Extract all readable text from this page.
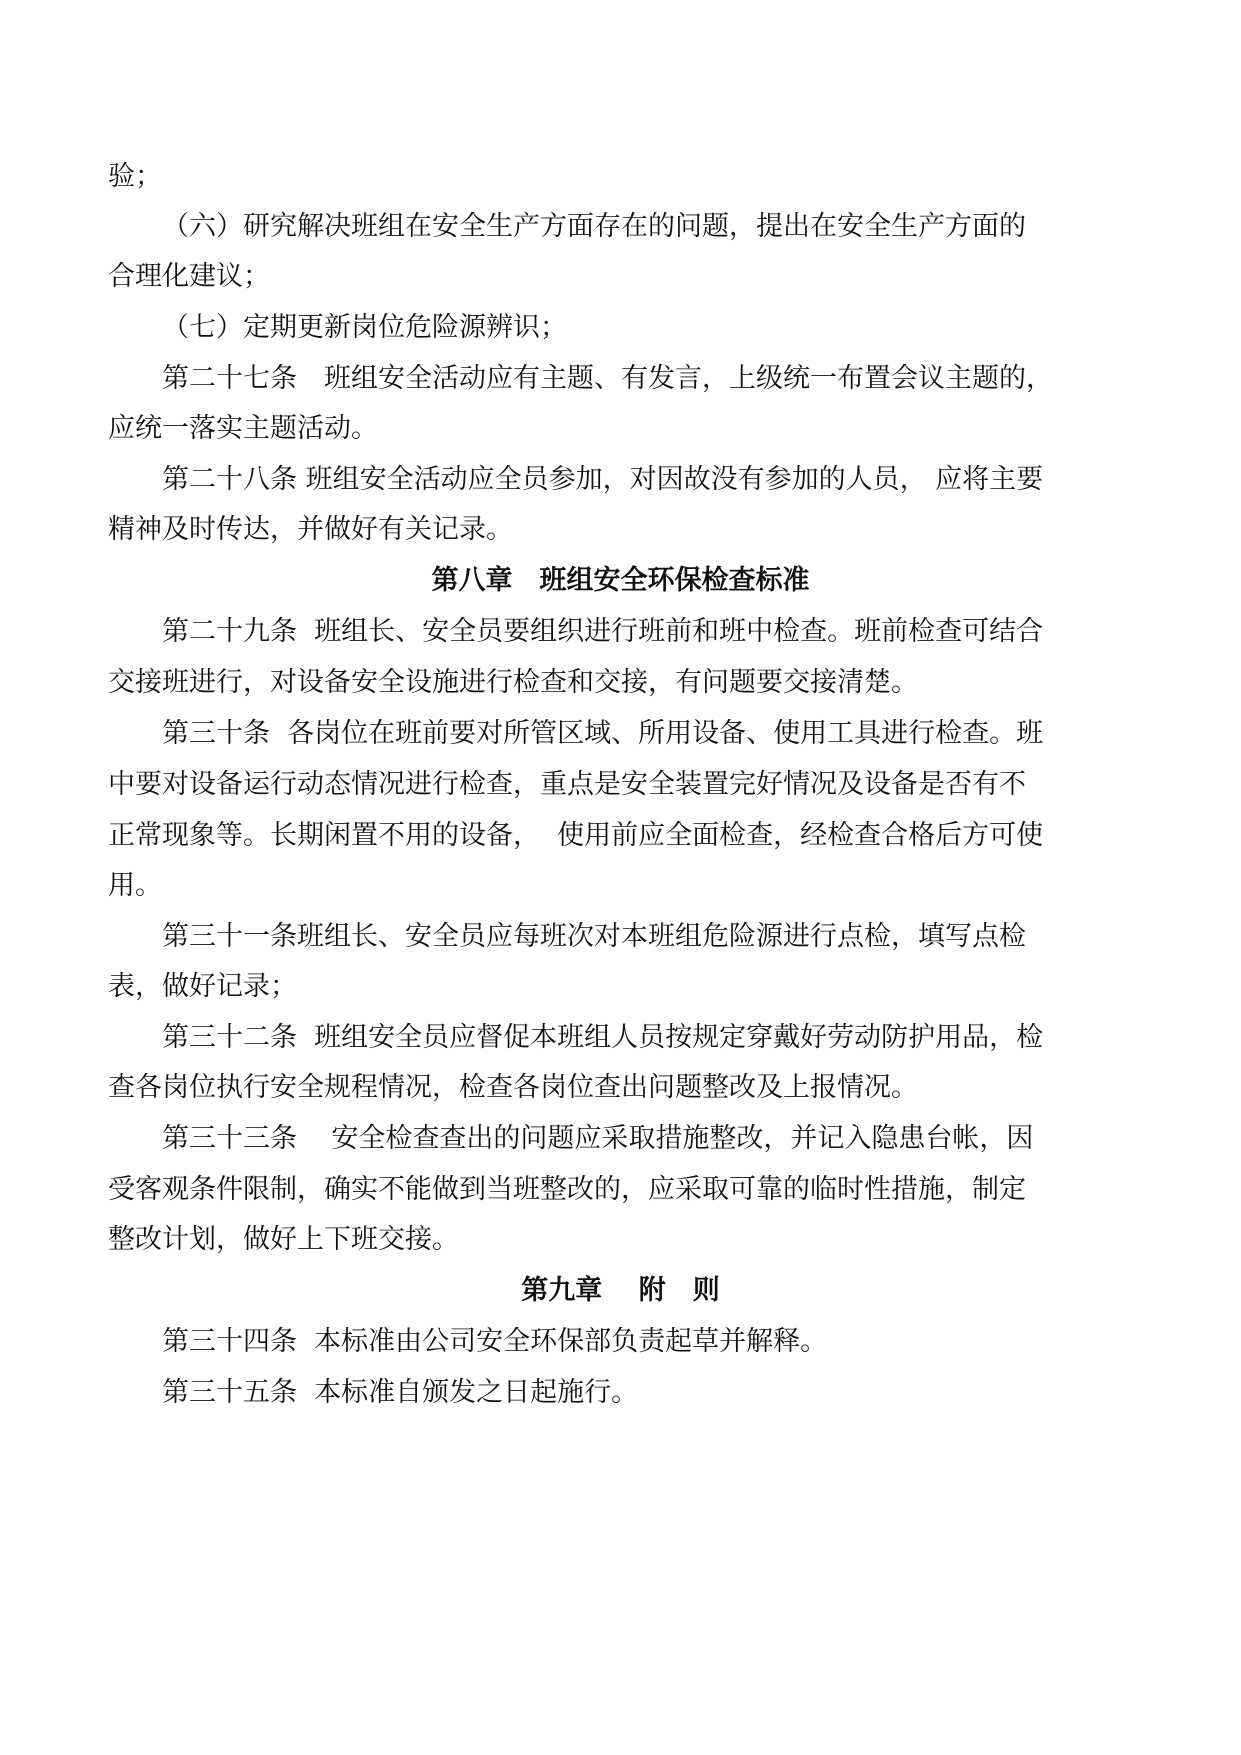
验；
（六）研究解决班组在安全生产方面存在的问题，提出在安全生产方面的
合理化建议；
（七）定期更新岗位危险源辨识；
第二十七条　班组安全活动应有主题、有发言，上级统一布置会议主题的，
应统一落实主题活动。
第二十八条 班组安全活动应全员参加，对因故没有参加的人员， 应将主要
精神及时传达，并做好有关记录。
第八章　班组安全环保检查标准
第二十九条  班组长、安全员要组织进行班前和班中检查。班前检查可结合
交接班进行，对设备安全设施进行检查和交接，有问题要交接清楚。
第三十条  各岗位在班前要对所管区域、所用设备、使用工具进行检查。班
中要对设备运行动态情况进行检查，重点是安全装置完好情况及设备是否有不
正常现象等。长期闲置不用的设备，  使用前应全面检查，经检查合格后方可使
用。
第三十一条班组长、安全员应每班次对本班组危险源进行点检，填写点检
表，做好记录；
第三十二条  班组安全员应督促本班组人员按规定穿戴好劳动防护用品，检
查各岗位执行安全规程情况，检查各岗位查出问题整改及上报情况。
第三十三条    安全检查查出的问题应采取措施整改，并记入隐患台帐，因
受客观条件限制，确实不能做到当班整改的，应采取可靠的临时性措施，制定
整改计划，做好上下班交接。
第九章　 附　则
第三十四条  本标准由公司安全环保部负责起草并解释。
第三十五条  本标准自颁发之日起施行。
